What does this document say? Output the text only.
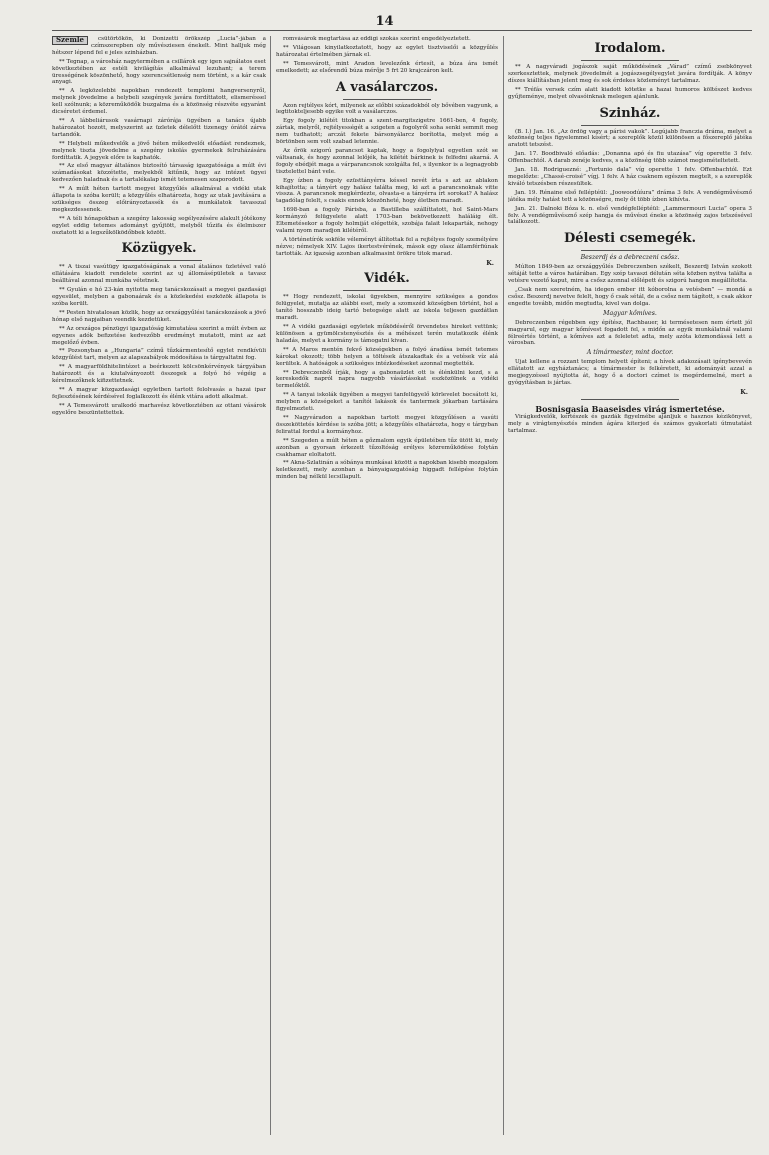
14
Szemle	csütörtökön, ki Donizetti örökszép „Lucia”-jában a czímszerepben oly művésziesen énekelt. Mint halljuk még hétszer lépend fel e jeles szinházban.

** Tegnap, a városház nagytermében a csillárok egy igen sajnálatos eset következtében az estéli kivilágítás alkalmával lezuhant; a terem ürességének köszönhető, hogy szerencsétlenség nem történt, s a kár csak anyagi.

** A legközelebbi napokban rendezett templomi hangversenyről, melynek jövedelme a helybeli szegények javára fordíttatott, elismeréssel kell szólnunk; a közreműködők buzgalma és a közönség részvéte egyaránt dicséretet érdemel.

** A lábbeliárusok vasárnapi zárórája ügyében a tanács újabb határozatot hozott, melyszerint az üzletek délelőtt tizenegy órától zárva tartandók.

** Helybeli műkedvelők a jövő héten műkedvelői előadást rendeznek, melynek tiszta jövedelme a szegény iskolás gyermekek felruházására fordíttatik. A jegyek előre is kaphatók.

** Az első magyar általános biztosító társaság igazgatósága a múlt évi számadásokat közzétette, melyekből kitűnik, hogy az intézet ügyei kedvezően haladnak és a tartalékalap ismét tetemesen szaporodott.

** A múlt héten tartott megyei közgyűlés alkalmával a vidéki utak állapota is szóba került; a közgyűlés elhatározta, hogy az utak javítására a szükséges összeg előirányoztassék és a munkálatok tavasszal megkezdessenek.

** A téli hónapokban a szegény lakosság segélyezésére alakult jótékony egylet eddig tetemes adományt gyűjtött, melyből tűzifa és élelmiszer osztatott ki a legszűkölködőbbek között.

Közügyek.

** A tiszai vasútügy igazgatóságának a vonal átalános üzletével való ellátására kiadott rendelete szerint az uj állomásépületek a tavasz beálltával azonnal munkába vétetnek.

** Gyulán e hó 23-kán nyitotta meg tanácskozásait a megyei gazdasági egyesület, melyben a gabonaárak és a közlekedési eszközök állapota is szóba került.

** Pesten hivatalosan közlik, hogy az országgyűlési tanácskozások a jövő hónap első napjaiban veendik kezdetüket.

** Az országos pénzügyi igazgatóság kimutatása szerint a múlt évben az egyenes adók befizetése kedvezőbb eredményt mutatott, mint az azt megelőző évben.

** Pozsonyban a „Hungaria” czímű tűzkármentesítő egylet rendkívüli közgyűlést tart, melyen az alapszabályok módosítása is tárgyaltatni fog.

** A magyarföldhitelintézet a beérkezett kölcsönkérvények tárgyában határozott és a kiutalványozott összegek a folyó hó végéig a kérelmezőknek kifizettetnek.

** A magyar közgazdasági egyletben tartott felolvasás a hazai ipar fejlesztésének kérdésével foglalkozott és élénk vitára adott alkalmat.

** A Temesvárott uralkodó marhavész következtében az ottani vásárok egyelőre beszüntettettek.

romvásárok megtartása az eddigi szokás szerint engedélyeztetett.

** Világosan kinyilatkoztatott, hogy az egylet tisztviselői a közgyűlés határozatai értelmében járnak el.

** Temesvárott, mint Aradon levelezőnk értesít, a búza ára ismét emelkedett; az elsőrendű búza mérője 5 frt 20 krajczáron kelt.

A vasálarczos.

Azon rejtélyes kórt, milyenek az előbbi századokból oly bővében vagyunk, a legtitokteljesebb egyike volt a vasálarczos.

Egy fogoly kilétét titokban a szent-margitszigetre 1661-ben, 4 fogoly, zártak, melyről, rejtélyességét a szigeten a fogolyről soha senki semmit meg nem tudhatott; arczát fekete bársonyálarcz borította, melyet még a börtönben sem volt szabad letennie.

Az őrök szigorú parancsot kaptak, hogy a fogolylyal egyetlen szót se váltsanak, és hogy azonnal lelőjék, ha kilétét bárkinek is felfedni akarná. A fogoly ebédjét maga a várparancsnok szolgálta fel, s ilyenkor is a legnagyobb tisztelettel bánt vele.

Egy ízben a fogoly ezüsttányérra késsel nevét írta s azt az ablakon kihajította; a tányért egy halász találta meg, ki azt a parancsnoknak vitte vissza. A parancsnok megkérdezte, olvasta-e a tányérra írt sorokat? A halász tagadólag felelt, s csakis ennek köszönheté, hogy életben maradt.

1698-ban a fogoly Párisba, a Bastilleba szállíttatott, hol Saint-Mars kormányzó felügyelete alatt 1703-ban bekövetkezett haláláig élt. Eltemetésekor a fogoly holmiját elégették, szobája falait lekaparták, nehogy valami nyom maradjon kilétéről.

A történetírók sokféle véleményt állítottak fel a rejtélyes fogoly személyére nézve; némelyek XIV. Lajos ikertestvérének, mások egy olasz államférfiúnak tartották. Az igazság azonban alkalmasint örökre titok marad.

K.
Vidék.

** Hogy rendezett, iskolai ügyekben, mennyire szükséges a gondos felügyelet, mutatja az alábbi eset, mely a szomszéd községben történt, hol a tanító hosszabb ideig tartó betegsége alatt az iskola teljesen gazdátlan maradt.

** A vidéki gazdasági egyletek működéséről örvendetes hireket vettünk; különösen a gyümölcstenyésztés és a méhészet terén mutatkozik élénk haladás, melyet a kormány is támogatni kivan.

** A Maros mentén fekvő községekben a folyó áradása ismét tetemes károkat okozott; több helyen a töltések átszakadtak és a vetések víz alá kerültek. A hatóságok a szükséges intézkedéseket azonnal megtették.

** Debreczenből írják, hogy a gabonaüzlet ott is élénkülni kezd, s a kereskedők napról napra nagyobb vásárlásokat eszközölnek a vidéki termelőktől.

** A tanyai iskolák ügyében a megyei tanfelügyelő körlevelet bocsátott ki, melyben a községeket a tanítói lakások és tantermek jókarban tartására figyelmezteti.

** Nagyváradon a napokban tartott megyei közgyűlésen a vasúti összeköttetés kérdése is szóba jött; a közgyűlés elhatározta, hogy e tárgyban felirattal fordul a kormányhoz.

** Szegeden a múlt héten a gőzmalom egyik épületében tűz ütött ki, mely azonban a gyorsan érkezett tűzoltóság erélyes közreműködése folytán csakhamar eloltatott.

** Akna-Szlatinán a sóbánya munkásai között a napokban kisebb mozgalom keletkezett, mely azonban a bányaigazgatóság higgadt fellépése folytán minden baj nélkül lecsillapult.

Irodalom.

** A nagyváradi jogászok saját működésének „Várad” czímű zsebkönyvet szerkesztettek, melynek jövedelmét a jogászsegélyegylet javára fordítják. A könyv díszes kiállításban jelent meg és sok érdekes közleményt tartalmaz.

** Tréfás versek czím alatt kiadott kötetke a hazai humoros költészet kedves gyűjteménye, melyet olvasóinknak melegen ajánlunk.

Szinház.

(B. I.) Jan. 16. „Az ördög vagy a párisi vakok”. Legújabb franczia dráma, melyet a közönség teljes figyelemmel kísért; a szereplők közül különösen a főszereplő játéka aratott tetszést.

Jan. 17. Boodbivaló előadás: „Donanna apó és fiu utazása” víg operette 3 felv. Offenbachtól. A darab zenéje kedves, s a közönség több számot megismételtetett.

Jan. 18. Rodriguezné: „Fortunio dala” víg operette 1 felv. Offenbachtól. Ezt megelőzte: „Chassé-croisé” vígj. 1 felv. A ház csaknem egészen megtelt, s a szereplők kiváló tetszésben részesültek.

Jan. 19. Rénaine első felléptéül: „Joowoodúíura” dráma 3 felv. A vendégművésznő játéka mély hatást tett a közönségre, mely őt több ízben kihívta.

Jan. 21. Dalnoki Bóza k. n. első vendégfelléptéül: „Lammermouri Lucia” opera 3 felv. A vendégművésznő szép hangja és művészi éneke a közönség zajos tetszésével találkozott.

Délesti csemegék.
Beszerdj és a debreczeni csősz.

Múlton 1849-ben az országgyűlés Debreczenben székelt, Beszerdj István szokott sétáját tette a város határában. Egy szép tavaszi délután séta közben nyitva találta a vetésre vezető kaput, mire a csősz azonnal előlépett és szigorú hangon megállította.

„Csak nem szeretném, ha idegen ember itt kóborolna a vetésben” — mondá a csősz. Beszerdj nevetve felelt, hogy ő csak sétál, de a csősz nem tágított, s csak akkor engedte tovább, midőn megtudta, kivel van dolga.

Magyar kőmíves.

Debreczenben régebben egy építész, Rachbauer, ki termésetesen nem értett jól magyarul, egy magyar kőmívest fogadott fel, s midőn az egyik munkálatnál valami félreértés történt, a kőmíves azt a feleletet adta, mely azóta közmondássá lett a városban.

A tímármester, mint doctor.

Ujat kellene a rozzant templom helyett építeni; a hívek adakozásait igénybevevén ellátatott az egyháztanács; a tímármester is felkéretett, ki adományát azzal a megjegyzéssel nyújtotta át, hogy ő a doctori czímet is megérdemelné, mert a gyógyításban is jártas.

K.
Bosnisgasia Baaseisdes virág ismertetése.

Virágkedvelők, kertészek és gazdák figyelmébe ajánljuk e hasznos kézikönyvet, mely a virágtenyésztés minden ágára kiterjed és számos gyakorlati útmutatást tartalmaz.
